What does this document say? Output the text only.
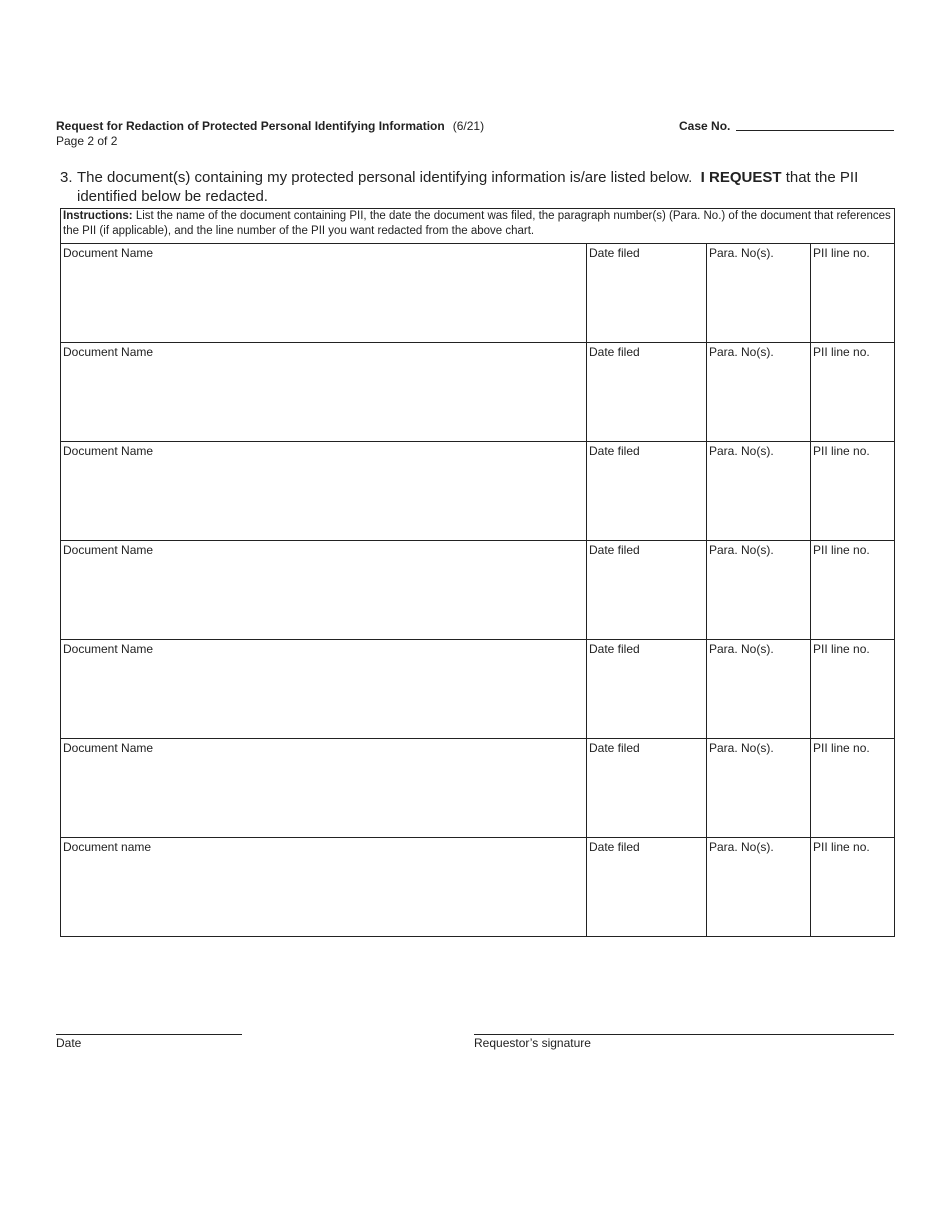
Request for Redaction of Protected Personal Identifying Information (6/21)
Page 2 of 2
Case No.
3. The document(s) containing my protected personal identifying information is/are listed below. I REQUEST that the PII identified below be redacted.
Instructions: List the name of the document containing PII, the date the document was filed, the paragraph number(s) (Para. No.) of the document that references the PII (if applicable), and the line number of the PII you want redacted from the above chart.			
Document Name	Date filed	Para. No(s).	PII line no.
Document Name	Date filed	Para. No(s).	PII line no.
Document Name	Date filed	Para. No(s).	PII line no.
Document Name	Date filed	Para. No(s).	PII line no.
Document Name	Date filed	Para. No(s).	PII line no.
Document Name	Date filed	Para. No(s).	PII line no.
Document name	Date filed	Para. No(s).	PII line no.
Date	Requestor’s signature
